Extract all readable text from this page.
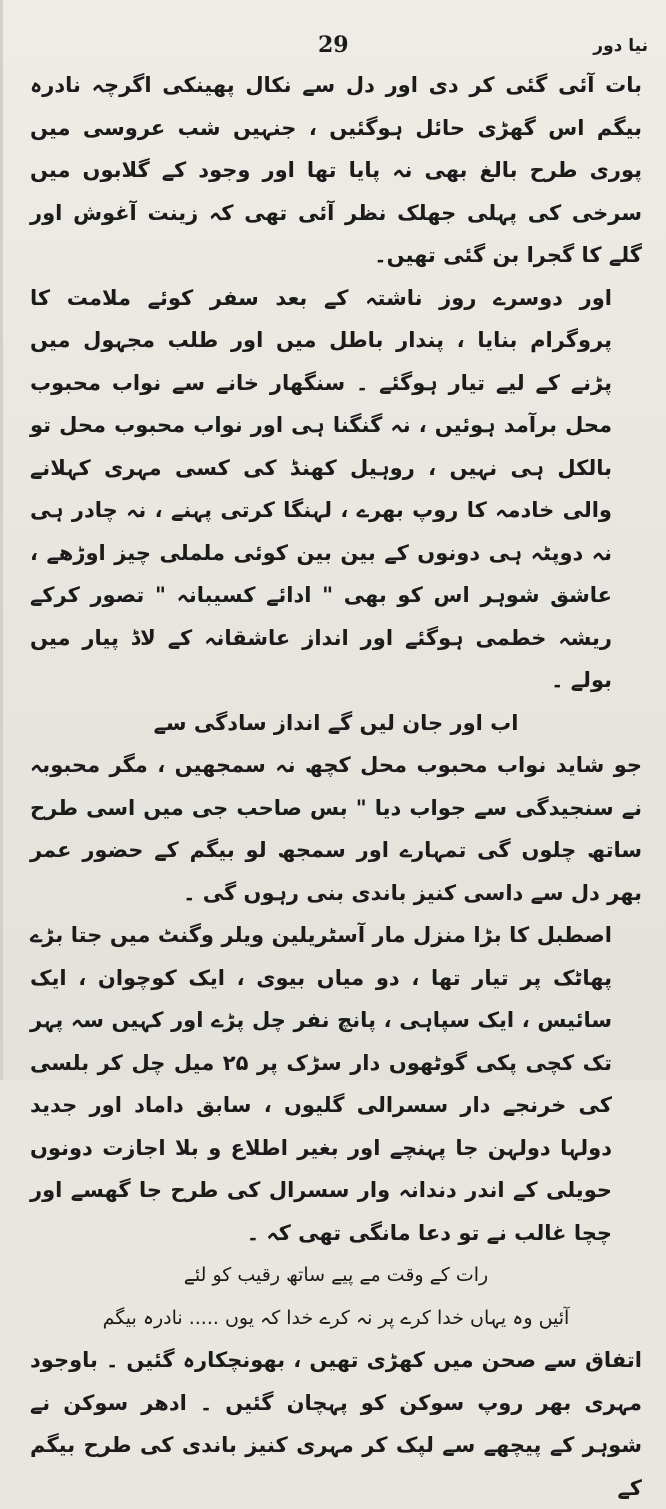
29	نیا دور

بات آئی گئی کر دی اور دل سے نکال پھینکی اگرچہ نادرہ بیگم اس گھڑی حائل ہوگئیں ، جنہیں شب عروسی میں پوری طرح بالغ بھی نہ پایا تھا اور وجود کے گلابوں میں سرخی کی پہلی جھلک نظر آئی تھی کہ زینت آغوش اور گلے کا گجرا بن گئی تھیں۔

اور دوسرے روز ناشتہ کے بعد سفر کوئے ملامت کا پروگرام بنایا ، پندار باطل میں اور طلب مجہول میں پڑنے کے لیے تیار ہوگئے ۔ سنگھار خانے سے نواب محبوب محل برآمد ہوئیں ، نہ گنگنا ہی اور نواب محبوب محل تو بالکل ہی نہیں ، روہیل کھنڈ کی کسی مہری کہلانے والی خادمہ کا روپ بھرے ، لہنگا کرتی پہنے ، نہ چادر ہی نہ دوپٹہ ہی دونوں کے بین بین کوئی ململی چیز اوڑھے ، عاشق شوہر اس کو بھی " ادائے کسیبانہ " تصور کرکے ریشہ خطمی ہوگئے اور انداز عاشقانہ کے لاڈ پیار میں بولے ۔

اب اور جان لیں گے انداز سادگی سے

جو شاید نواب محبوب محل کچھ نہ سمجھیں ، مگر محبوبہ نے سنجیدگی سے جواب دیا " بس صاحب جی میں اسی طرح ساتھ چلوں گی تمہارے اور سمجھ لو بیگم کے حضور عمر بھر دل سے داسی کنیز باندی بنی رہوں گی ۔

اصطبل کا بڑا منزل مار آسٹریلین ویلر وگنٹ میں جتا بڑے پھاٹک پر تیار تھا ، دو میاں بیوی ، ایک کوچوان ، ایک سائیس ، ایک سپاہی ، پانچ نفر چل پڑے اور کہیں سہ پہر تک کچی پکی گوٹھوں دار سڑک پر ۲۵ میل چل کر بلسی کی خرنجے دار سسرالی گلیوں ، سابق داماد اور جدید دولہا دولہن جا پہنچے اور بغیر اطلاع و بلا اجازت دونوں حویلی کے اندر دندانہ وار سسرال کی طرح جا گھسے اور چچا غالب نے تو دعا مانگی تھی کہ ۔

رات کے وقت مے پیے ساتھ رقیب کو لئے

آئیں وہ یہاں خدا کرے پر نہ کرے خدا کہ یوں ..... نادرہ بیگم

اتفاق سے صحن میں کھڑی تھیں ، بھونچکارہ گئیں ۔ باوجود مہری بھر روپ سوکن کو پہچان گئیں ۔ ادھر سوکن نے شوہر کے پیچھے سے لپک کر مہری کنیز باندی کی طرح بیگم کے
